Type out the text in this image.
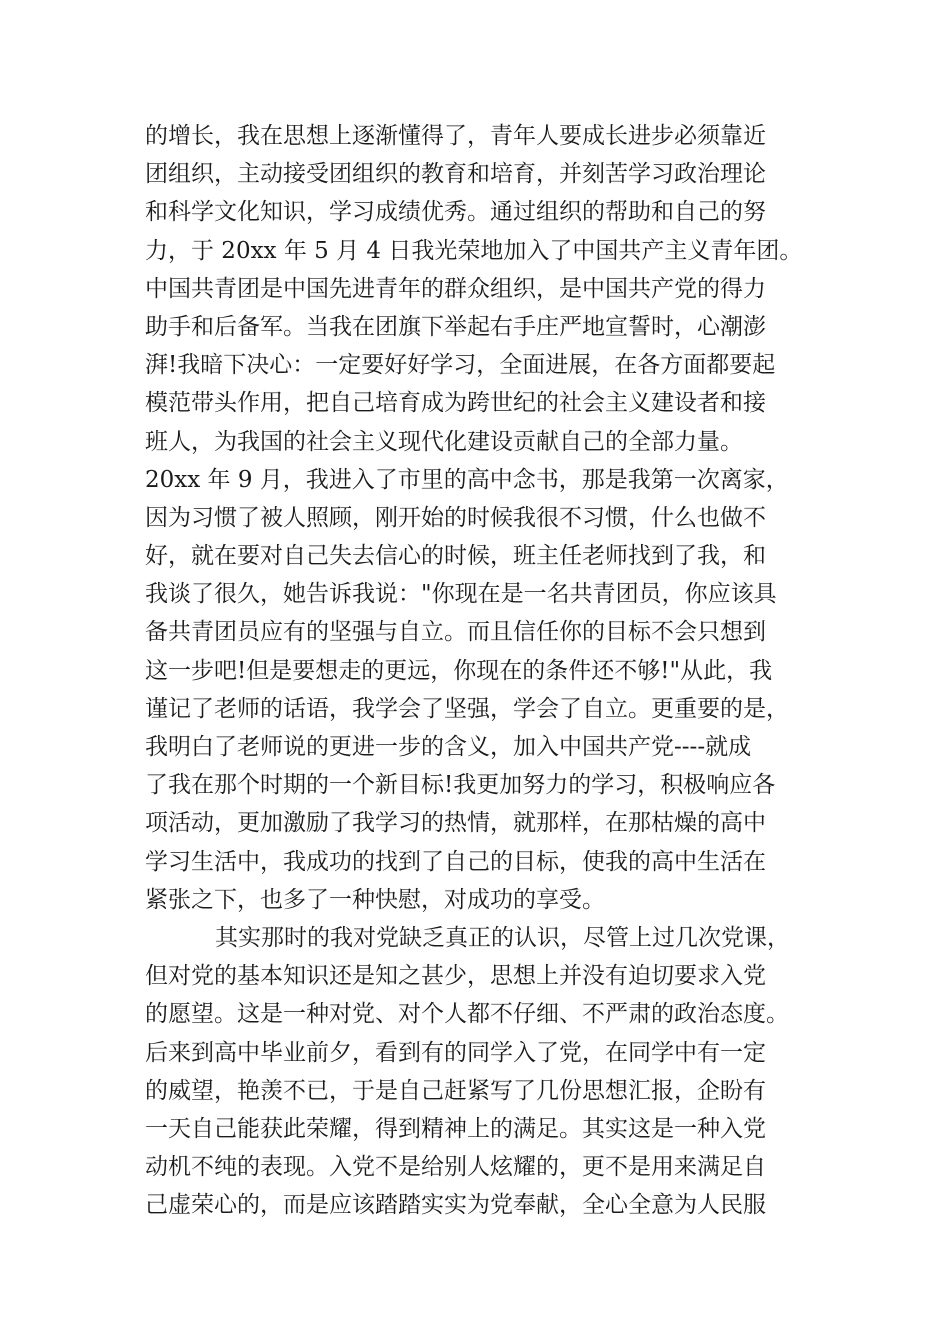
的增长，我在思想上逐渐懂得了，青年人要成长进步必须靠近
团组织，主动接受团组织的教育和培育，并刻苦学习政治理论
和科学文化知识，学习成绩优秀。通过组织的帮助和自己的努
力，于 20xx 年 5 月 4 日我光荣地加入了中国共产主义青年团。
中国共青团是中国先进青年的群众组织，是中国共产党的得力
助手和后备军。当我在团旗下举起右手庄严地宣誓时，心潮澎
湃!我暗下决心：一定要好好学习，全面进展，在各方面都要起
模范带头作用，把自己培育成为跨世纪的社会主义建设者和接
班人，为我国的社会主义现代化建设贡献自己的全部力量。
20xx 年 9 月，我进入了市里的高中念书，那是我第一次离家，
因为习惯了被人照顾，刚开始的时候我很不习惯，什么也做不
好，就在要对自己失去信心的时候，班主任老师找到了我，和
我谈了很久，她告诉我说："你现在是一名共青团员，你应该具
备共青团员应有的坚强与自立。而且信任你的目标不会只想到
这一步吧!但是要想走的更远，你现在的条件还不够!"从此，我
谨记了老师的话语，我学会了坚强，学会了自立。更重要的是，
我明白了老师说的更进一步的含义，加入中国共产党----就成
了我在那个时期的一个新目标!我更加努力的学习，积极响应各
项活动，更加激励了我学习的热情，就那样，在那枯燥的高中
学习生活中，我成功的找到了自己的目标，使我的高中生活在
紧张之下，也多了一种快慰，对成功的享受。
其实那时的我对党缺乏真正的认识，尽管上过几次党课，
但对党的基本知识还是知之甚少，思想上并没有迫切要求入党
的愿望。这是一种对党、对个人都不仔细、不严肃的政治态度。
后来到高中毕业前夕，看到有的同学入了党，在同学中有一定
的威望，艳羡不已，于是自己赶紧写了几份思想汇报，企盼有
一天自己能获此荣耀，得到精神上的满足。其实这是一种入党
动机不纯的表现。入党不是给别人炫耀的，更不是用来满足自
己虚荣心的，而是应该踏踏实实为党奉献，全心全意为人民服
